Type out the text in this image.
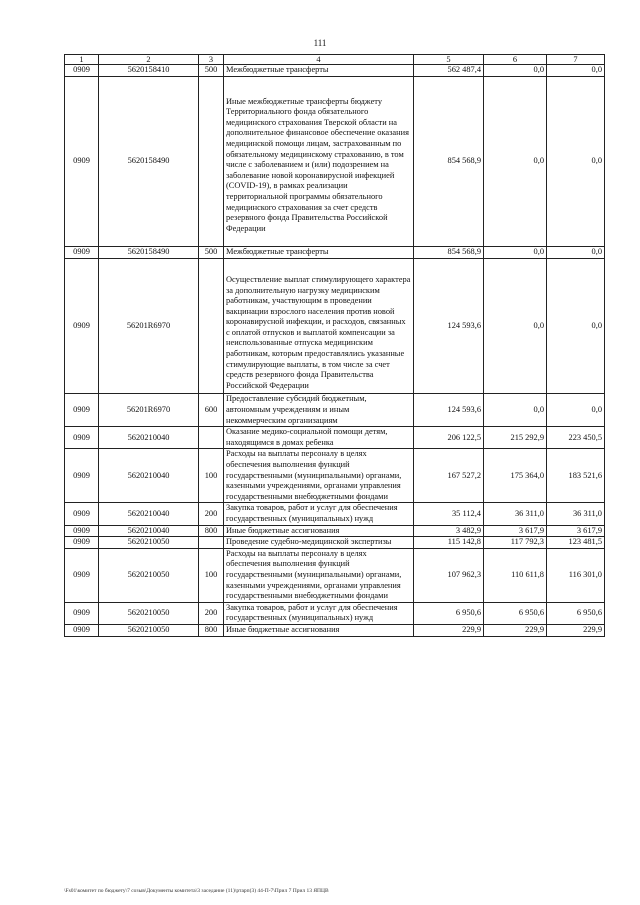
111
1	2	3	4	5	6	7
0909	5620158410	500	Межбюджетные трансферты	562 487,4	0,0	0,0
0909	5620158490		Иные межбюджетные трансферты бюджету Территориального фонда обязательного медицинского страхования Тверской области на дополнительное финансовое обеспечение оказания медицинской помощи лицам, застрахованным по обязательному медицинскому страхованию, в том числе с заболеванием и (или) подозрением на заболевание новой коронавирусной инфекцией (COVID-19), в рамках реализации территориальной программы обязательного медицинского страхования за счет средств резервного фонда Правительства Российской Федерации	854 568,9	0,0	0,0
0909	5620158490	500	Межбюджетные трансферты	854 568,9	0,0	0,0
0909	56201R6970		Осуществление выплат стимулирующего характера за дополнительную нагрузку медицинским работникам, участвующим в проведении вакцинации взрослого населения против новой коронавирусной инфекции, и расходов, связанных с оплатой отпусков и выплатой компенсации за неиспользованные отпуска медицинским работникам, которым предоставлялись указанные стимулирующие выплаты, в том числе за счет средств резервного фонда Правительства Российской Федерации	124 593,6	0,0	0,0
0909	56201R6970	600	Предоставление субсидий бюджетным, автономным учреждениям и иным некоммерческим организациям	124 593,6	0,0	0,0
0909	5620210040		Оказание медико-социальной помощи детям, находящимся в домах ребенка	206 122,5	215 292,9	223 450,5
0909	5620210040	100	Расходы на выплаты персоналу в целях обеспечения выполнения функций государственными (муниципальными) органами, казенными учреждениями, органами управления государственными внебюджетными фондами	167 527,2	175 364,0	183 521,6
0909	5620210040	200	Закупка товаров, работ и услуг для обеспечения государственных (муниципальных) нужд	35 112,4	36 311,0	36 311,0
0909	5620210040	800	Иные бюджетные ассигнования	3 482,9	3 617,9	3 617,9
0909	5620210050		Проведение судебно-медицинской экспертизы	115 142,8	117 792,3	123 481,5
0909	5620210050	100	Расходы на выплаты персоналу в целях обеспечения выполнения функций государственными (муниципальными) органами, казенными учреждениями, органами управления государственными внебюджетными фондами	107 962,3	110 611,8	116 301,0
0909	5620210050	200	Закупка товаров, работ и услуг для обеспечения государственных (муниципальных) нужд	6 950,6	6 950,6	6 950,6
0909	5620210050	800	Иные бюджетные ассигнования	229,9	229,9	229,9
\Fs01\комитет по бюджету\7 созыв\Документы комитета\3 заседание (11)\ртарп(3) 44-П-7\Прил 7 Прил 13 ЯПЦВ
